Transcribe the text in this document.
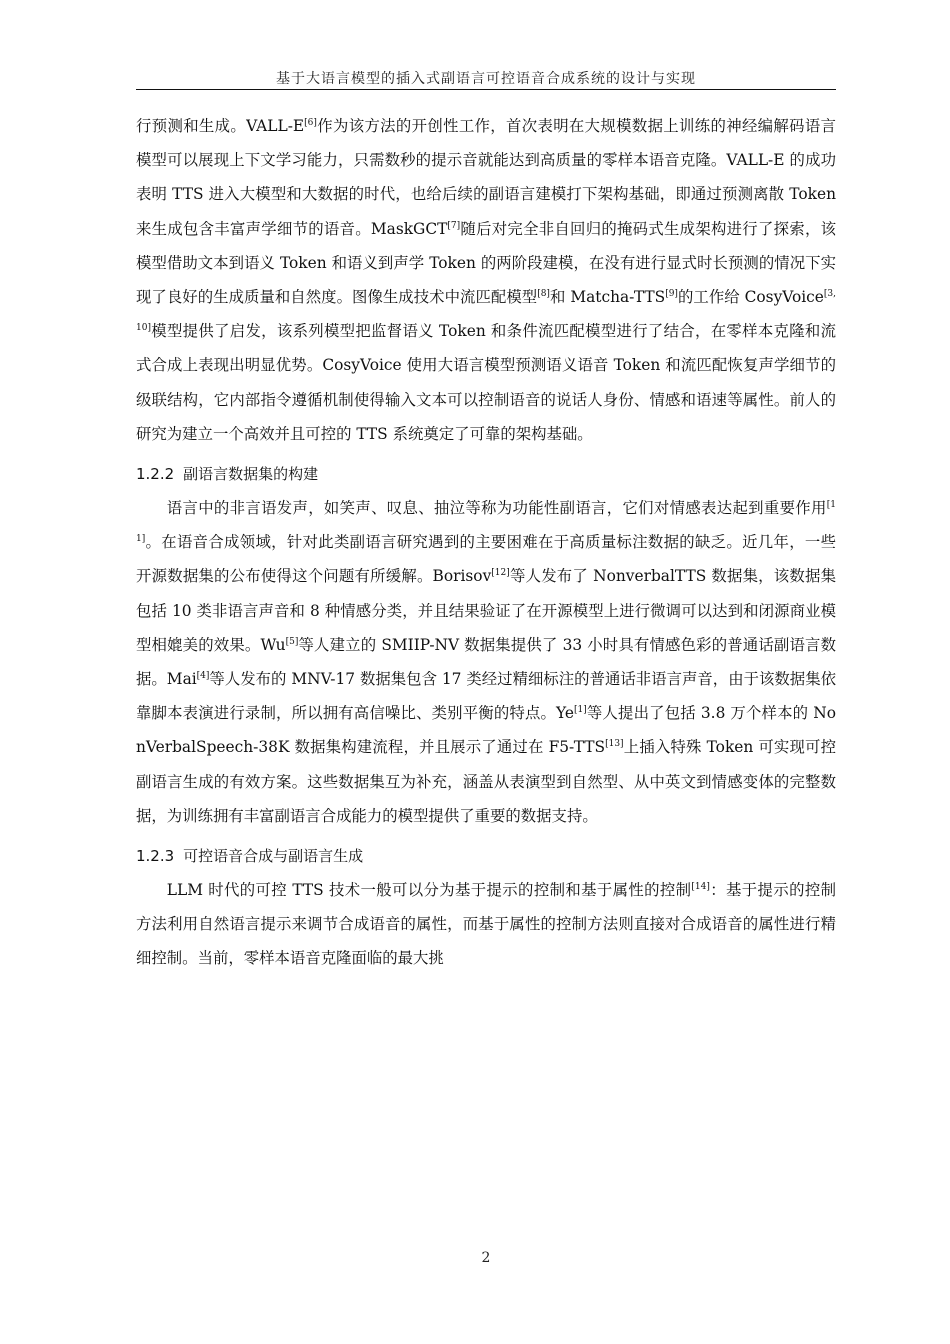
基于大语言模型的插入式副语言可控语音合成系统的设计与实现

行预测和生成。VALL-E[6]作为该方法的开创性工作，首次表明在大规模数据上训练的神经编解码语言模型可以展现上下文学习能力，只需数秒的提示音就能达到高质量的零样本语音克隆。VALL-E 的成功表明 TTS 进入大模型和大数据的时代，也给后续的副语言建模打下架构基础，即通过预测离散 Token 来生成包含丰富声学细节的语音。MaskGCT[7]随后对完全非自回归的掩码式生成架构进行了探索，该模型借助文本到语义 Token 和语义到声学 Token 的两阶段建模，在没有进行显式时长预测的情况下实现了良好的生成质量和自然度。图像生成技术中流匹配模型[8]和 Matcha-TTS[9]的工作给 CosyVoice[3,10]模型提供了启发，该系列模型把监督语义 Token 和条件流匹配模型进行了结合，在零样本克隆和流式合成上表现出明显优势。CosyVoice 使用大语言模型预测语义语音 Token 和流匹配恢复声学细节的级联结构，它内部指令遵循机制使得输入文本可以控制语音的说话人身份、情感和语速等属性。前人的研究为建立一个高效并且可控的 TTS 系统奠定了可靠的架构基础。

1.2.2 副语言数据集的构建

语言中的非言语发声，如笑声、叹息、抽泣等称为功能性副语言，它们对情感表达起到重要作用[11]。在语音合成领域，针对此类副语言研究遇到的主要困难在于高质量标注数据的缺乏。近几年，一些开源数据集的公布使得这个问题有所缓解。Borisov[12]等人发布了 NonverbalTTS 数据集，该数据集包括 10 类非语言声音和 8 种情感分类，并且结果验证了在开源模型上进行微调可以达到和闭源商业模型相媲美的效果。Wu[5]等人建立的 SMIIP-NV 数据集提供了 33 小时具有情感色彩的普通话副语言数据。Mai[4]等人发布的 MNV-17 数据集包含 17 类经过精细标注的普通话非语言声音，由于该数据集依靠脚本表演进行录制，所以拥有高信噪比、类别平衡的特点。Ye[1]等人提出了包括 3.8 万个样本的 NonVerbalSpeech-38K 数据集构建流程，并且展示了通过在 F5-TTS[13]上插入特殊 Token 可实现可控副语言生成的有效方案。这些数据集互为补充，涵盖从表演型到自然型、从中英文到情感变体的完整数据，为训练拥有丰富副语言合成能力的模型提供了重要的数据支持。

1.2.3 可控语音合成与副语言生成

LLM 时代的可控 TTS 技术一般可以分为基于提示的控制和基于属性的控制[14]：基于提示的控制方法利用自然语言提示来调节合成语音的属性，而基于属性的控制方法则直接对合成语音的属性进行精细控制。当前，零样本语音克隆面临的最大挑

2
